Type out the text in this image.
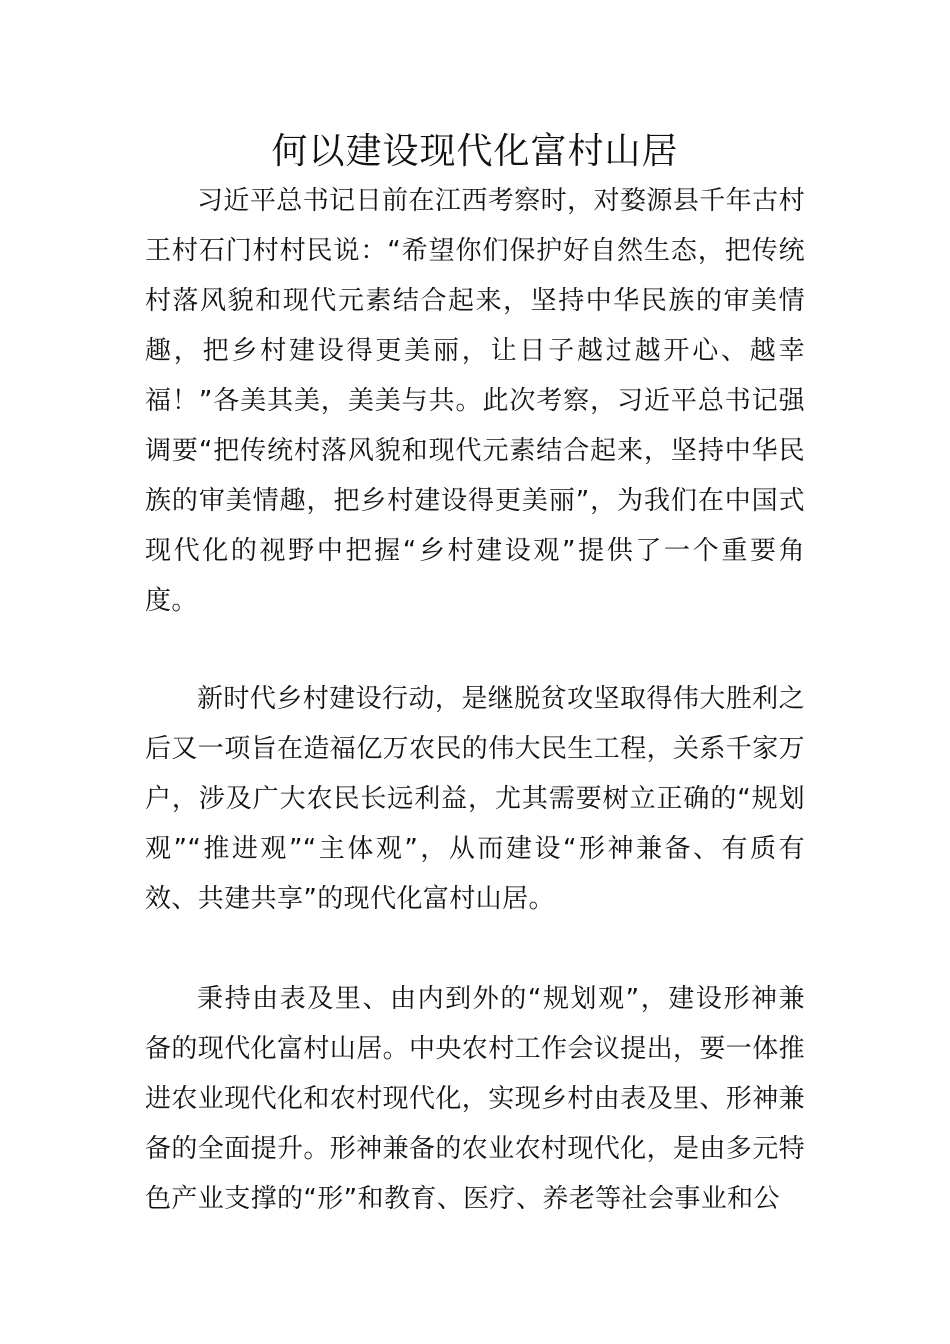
何以建设现代化富村山居

习近平总书记日前在江西考察时，对婺源县千年古村王村石门村村民说：“希望你们保护好自然生态，把传统村落风貌和现代元素结合起来，坚持中华民族的审美情趣，把乡村建设得更美丽，让日子越过越开心、越幸福！”各美其美，美美与共。此次考察，习近平总书记强调要“把传统村落风貌和现代元素结合起来，坚持中华民族的审美情趣，把乡村建设得更美丽”，为我们在中国式现代化的视野中把握“乡村建设观”提供了一个重要角度。

新时代乡村建设行动，是继脱贫攻坚取得伟大胜利之后又一项旨在造福亿万农民的伟大民生工程，关系千家万户，涉及广大农民长远利益，尤其需要树立正确的“规划观”“推进观”“主体观”，从而建设“形神兼备、有质有效、共建共享”的现代化富村山居。

秉持由表及里、由内到外的“规划观”，建设形神兼备的现代化富村山居。中央农村工作会议提出，要一体推进农业现代化和农村现代化，实现乡村由表及里、形神兼备的全面提升。形神兼备的农业农村现代化，是由多元特色产业支撑的“形”和教育、医疗、养老等社会事业和公
